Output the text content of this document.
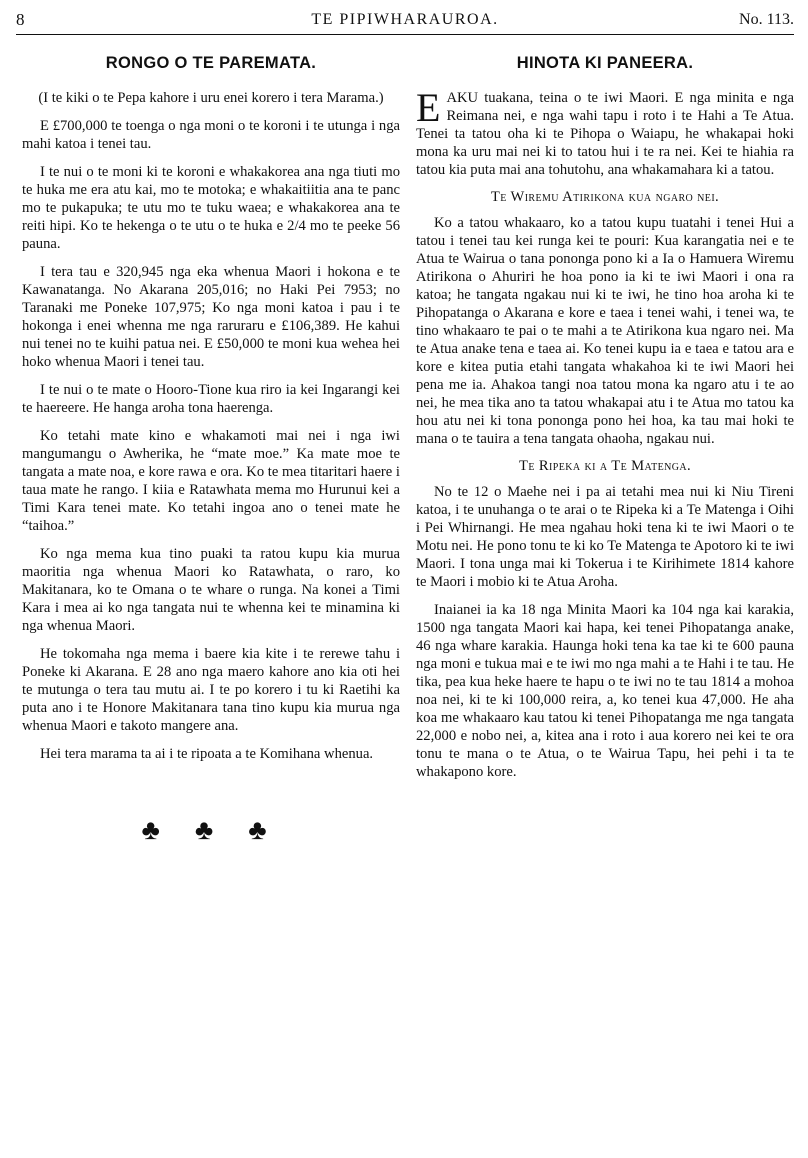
8	TE PIPIWHARAUROA.	No. 113.
RONGO O TE PAREMATA.

(I te kiki o te Pepa kahore i uru enei korero i tera Marama.)

E £700,000 te toenga o nga moni o te koroni i te utunga i nga mahi katoa i tenei tau.

I te nui o te moni ki te koroni e whakakorea ana nga tiuti mo te huka me era atu kai, mo te motoka; e whakaitiitia ana te panc mo te pukapuka; te utu mo te tuku waea; e whakakorea ana te reiti hipi. Ko te hekenga o te utu o te huka e 2/4 mo te peeke 56 pauna.

I tera tau e 320,945 nga eka whenua Maori i hokona e te Kawanatanga. No Akarana 205,016; no Haki Pei 7953; no Taranaki me Poneke 107,975; Ko nga moni katoa i pau i te hokonga i enei whenna me nga raruraru e £106,389. He kahui nui tenei no te kuihi patua nei. E £50,000 te moni kua wehea hei hoko whenua Maori i tenei tau.

I te nui o te mate o Hooro-Tione kua riro ia kei Ingarangi kei te haereere. He hanga aroha tona haerenga.

Ko tetahi mate kino e whakamoti mai nei i nga iwi mangumangu o Awherika, he “mate moe.” Ka mate moe te tangata a mate noa, e kore rawa e ora. Ko te mea titaritari haere i taua mate he rango. I kiia e Ratawhata mema mo Hurunui kei a Timi Kara tenei mate. Ko tetahi ingoa ano o tenei mate he “taihoa.”

Ko nga mema kua tino puaki ta ratou kupu kia murua maoritia nga whenua Maori ko Ratawhata, o raro, ko Makitanara, ko te Omana o te whare o runga. Na konei a Timi Kara i mea ai ko nga tangata nui te whenna kei te minamina ki nga whenua Maori.

He tokomaha nga mema i baere kia kite i te rerewe tahu i Poneke ki Akarana. E 28 ano nga maero kahore ano kia oti hei te mutunga o tera tau mutu ai. I te po korero i tu ki Raetihi ka puta ano i te Honore Makitanara tana tino kupu kia murua nga whenua Maori e takoto mangere ana.

Hei tera marama ta ai i te ripoata a te Komihana whenua.

♣ ♣ ♣
HINOTA KI PANEERA.

EAKU tuakana, teina o te iwi Maori. E nga minita e nga Reimana nei, e nga wahi tapu i roto i te Hahi a Te Atua. Tenei ta tatou oha ki te Pihopa o Waiapu, he whakapai hoki mona ka uru mai nei ki to tatou hui i te ra nei. Kei te hiahia ra tatou kia puta mai ana tohutohu, ana whakamahara ki a tatou.

Te Wiremu Atirikona kua ngaro nei.

Ko a tatou whakaaro, ko a tatou kupu tuatahi i tenei Hui a tatou i tenei tau kei runga kei te pouri: Kua karangatia nei e te Atua te Wairua o tana pononga pono ki a Ia o Hamuera Wiremu Atirikona o Ahuriri he hoa pono ia ki te iwi Maori i ona ra katoa; he tangata ngakau nui ki te iwi, he tino hoa aroha ki te Pihopatanga o Akarana e kore e taea i tenei wahi, i tenei wa, te tino whakaaro te pai o te mahi a te Atirikona kua ngaro nei. Ma te Atua anake tena e taea ai. Ko tenei kupu ia e taea e tatou ara e kore e kitea putia etahi tangata whakahoa ki te iwi Maori hei pena me ia. Ahakoa tangi noa tatou mona ka ngaro atu i te ao nei, he mea tika ano ta tatou whakapai atu i te Atua mo tatou ka hou atu nei ki tona pononga pono hei hoa, ka tau mai hoki te mana o te tauira a tena tangata ohaoha, ngakau nui.

Te Ripeka ki a Te Matenga.

No te 12 o Maehe nei i pa ai tetahi mea nui ki Niu Tireni katoa, i te unuhanga o te arai o te Ripeka ki a Te Matenga i Oihi i Pei Whirnangi. He mea ngahau hoki tena ki te iwi Maori o te Motu nei. He pono tonu te ki ko Te Matenga te Apotoro ki te iwi Maori. I tona unga mai ki Tokerua i te Kirihimete 1814 kahore te Maori i mobio ki te Atua Aroha.

Inaianei ia ka 18 nga Minita Maori ka 104 nga kai karakia, 1500 nga tangata Maori kai hapa, kei tenei Pihopatanga anake, 46 nga whare karakia. Haunga hoki tena ka tae ki te 600 pauna nga moni e tukua mai e te iwi mo nga mahi a te Hahi i te tau. He tika, pea kua heke haere te hapu o te iwi no te tau 1814 a mohoa noa nei, ki te ki 100,000 reira, a, ko tenei kua 47,000. He aha koa me whakaaro kau tatou ki tenei Pihopatanga me nga tangata 22,000 e nobo nei, a, kitea ana i roto i aua korero nei kei te ora tonu te mana o te Atua, o te Wairua Tapu, hei pehi i ta te whakapono kore.
